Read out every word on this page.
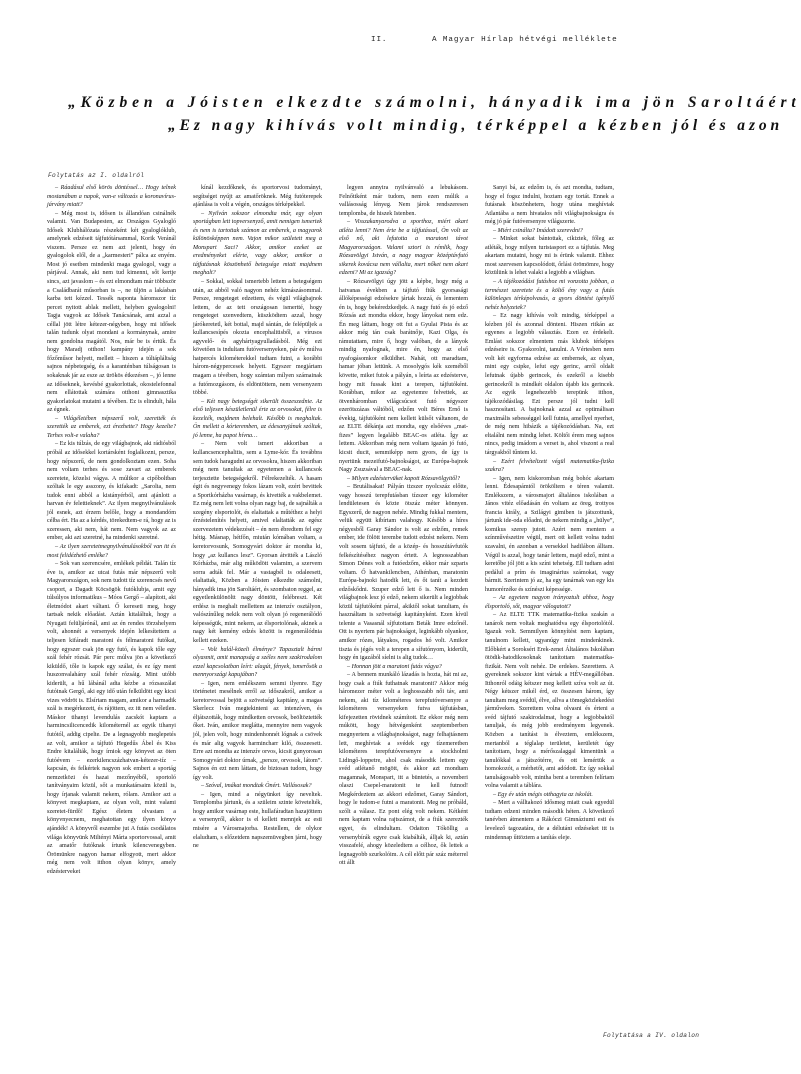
II.	A Magyar Hírlap hétvégi melléklete
„Közben a Jóisten elkezdte számolni, hányadik ima jön Saroltáért
„Ez nagy kihívás volt mindig, térképpel a kézben jól és azon
Folytatás az I. oldalról

– Ráadásul első körös döntéssel… Hogy telnek mostanában a napok, van-e változás a koronavírus-járvány miatt?

– Még most is, idősen is állandóan csinálnék valamit. Van Budapesten, az Országos Gyalogló Idősek Klubhálózata részeként két gyaloglóklub, amelynek edzéseit tájfutótársammal, Korik Veránál viszem. Persze ez nem azt jelenti, hogy én gyalogolok elől, de a „karmesteri” pálca az enyém. Most jó esetben mindenki maga gyalogol, vagy a párjával. Annak, aki nem tud kimenni, sőt kertje sincs, azt javaslom – és ezt elmondtam már többször a Családbarát műsorban is –, ne üljön a lakásban karba tett kézzel. Tessék naponta háromszor tíz percet nyitott ablak mellett, helyben gyalogolni! Tagja vagyok az Idősek Tanácsának, ami azzal a céllal jött létre kétezer-négyben, hogy mi idősek talán tudunk olyat mondani a kormánynak, amire nem gondolna magától. Nos, már be is értük. És hogy Maradj otthon! kampány idején a sok főzőműsor helyett, mellett – hiszen a túltápláltság sajnos népbetegség, és a karanténban túlságosan is sokaknak jár az esze az ürökös étkezésen –, jó lenne az időseknek, kevésbé gyakorlottak, okostelefonnal nem ellátottak számára otthoni gimnasztika gyakorlatokat mutatni a tévében. Ez is elindult, hála az égnek.

– Világéletében népszerű volt, szerették és szerették az emberek, ezt érezhette? Hogy kezelte? Terhes volt-e valaha?

– Ez kis túlzás, de egy világbajnok, aki rádiósból próbál az idősekkel kortársként foglalkozni, persze, hogy népszerű, de nem gondolkoztam ezen. Soha nem voltam terhes és sose zavart az emberek szeretete, közelsi vágya. A múltkor a cipőboltban szóltak le egy asszony, és kifakadt: „Sarolta, nem tudok enni abból a kistányérból, ami ajánlott a harvan év felettieknek”. Az ilyen megnyilvánulások jól esnek, azt érzem belőle, hogy a mondandóm célba ért. Ha az a kérdés, törekedtem-e rá, hogy az is szeressen, aki nem, hát nem. Nem vagyok az az ember, aki azt szeretné, ha mindenki szeretné.

– Az ilyen szeretetmegnyilvánulásokból van itt és most felidézhető emléke?

– Sok van szerencsére, emlékek példát. Talán tíz éve is, amikor az utcai futás már népszerű volt Magyarországon, sok nem tudott tíz szerencsés nevű csoport, a Dagadt Köcsögök futóklubja, amit egy túlsúlyos informatikus – Móos Gergő – alapított, aki életmódot akart váltani. Ő kereseti meg, hogy tartsak nekik előadást. Aztán kitaláltuk, hogy a Nyugati felüljárónál, ami az én rendes törzshelyem volt, ahonnét a versenyek idején lelkesítettem a teljesen kifáradt maratoni és félmaratoni futókat, hogy egyszer csak jön egy futó, és kapok tőle egy szál fehér rózsát. Pár perc múlva jön a következő kiküldő, tőle is kapok egy szálat, és ez így ment huszonvalahány szál fehér rózsáig. Mint utóbb kiderült, a hű lábánál adta kézbe a rózsaszálat futóinak Gergő, aki egy idő után felküldött egy kicsi vizes vödröt is. Elsírtam magam, amikor a harmadik szál is megérkezett, és rájöttem, ez itt nem véletlen. Máskor tihanyi levendulás zacskót kaptam a harmincsilicencedik kilométernél az egyik tihanyi futótól, addig cipelte. De a legnagyobb meglepetés az volt, amikor a tájfutó Hegedűs Ábel és Kiss Endre kitalálták, hogy írniok egy könyvet az öten futóévem – ezerkilencszázhatvan-kétezer-tíz – kapcsán, és felkértek nagyon sok embert a sportág nemzetközi és hazai mezőnyéből, sportoló tanítványaim közül, sőt a munkatársaim közül is, hogy írjanak valamit nekem, rólam. Amikor azt a könyvet megkaptam, az olyan volt, mint valami szeretet-fürdő! Egész életem olvastam a könyvnyecnem, meghatottan egy ilyen könyv ajándék! A könyvről eszembe jut A futás csodálatos világa könyvünk Miltényi Márta sportorvossal, amit az amatőr futóknak írtunk kilencvenegyben. Örömünkre nagyon hamar elfogyott, mert akkor még nem volt itthon olyan könyv, amely edzésterveket

kínál kezdőknek, és sportorvosi tudományt, segítséget nyújt az amatőröknek. Még futóterepek ajánlása is volt a végén, országos térképekkel.

– Nyilván sokszor elmondta már, egy olyan sportágban lett topversenyző, amit nemigen ismertek és nem is tartottak számon az emberek, a magyarok különösképpen nem. Vajon mikor született meg a Monspart Saci? Akkor, amikor ezeket az eredményeket elérte, vagy akkor, amikor a tájfutásnak köszönhető betegsége miatt majdnem meghalt?

– Sokkal, sokkal ismertebb lettem a betegségem után, az abból való nagyon nehéz kimászásommal. Persze, rengeteget edzettem, és végül világbajnok lettem, de az tett országosan ismertté, hogy rengeteget szenvedtem, küszködtem azzal, hogy járókeretetl, két bottal, majd sántán, de felépüljek a kullancsesípés okozta encephalitisből, a vírusos agyvelő- és agyhártyagyulladásból. Még ezt követően is indultam futóversenyeken, pár év múlva hatpercés kilométerekkel tudtam futni, a korábbi három-négypercesek helyett. Egyszer megjártam magam a tévében, hogy számtan mílyen számainak a futómozgásom, és eldöntöttem, nem versenyzem többé.

– Két nagy betegségét sikerült összeszednie. Az első teljesen készületlenül érte az orvosokat, félre is kezelték, majdnem belehalt. Később is meghaltak. Ön mellett a kórteremben, az édesanyjának szóltak, jó lenne, ha papot hívna…

– Nem volt ismert akkoriban a kullancsencephalitis, sem a Lyme-kór. És továbbra sem tudok haragudni az orvosokra, hiszen akkoriban még nem tanultak az egyetemen a kullancsok terjesztette betegségekről. Félrekezelték. A hasam égit és negyvenegy fokos lázam volt, ezért bevittek a Sportkórházba vasárnap, és kivették a vakbelemet. Ez még nem lett volna olyan nagy baj, de sajnálták a szegény elsportolót, és elaltattak a műtéthez a helyi érzéstelenítés helyett, amivel elaltatták az egész szervezetem védekezését – én nem ébredtem fel egy hétig. Másnap, hétfőn, miután kómában voltam, a keretorvosunk, Somogyvári doktor ár mondta ki, hogy „az kullancs lesz”. Gyorsan átvitték a László Kórházba, már alig működött valamim, a szervem sorra adták fel. Már a vastagbél is odaleesett, elaltattak, Közben a Jóisten elkezdte számolni, hányadik ima jön Saroltáért, és szombaton reggel, az egyetlenkülönöltt nagy döntött, felébreszt. Két erdész is meghalt mellettem az intenzív osztályon, valószínűleg nekik nem volt olyan jó regenerálódó képességük, mint nekem, az élsportolónak, akinek a nagy két kemény edzés között is regenerálódnia kellett ezeken.

– Volt halál-közeli élménye? Tapasztalt bármi olyasmit, amit manapság a széles nem szakirodalom ezzel kapcsolatban leírt: alagút, fények, ismerősök a mennyországi kapujában?

– Igen, nem emlékszem semmi ilyenre. Egy történetet mesélnek erről az időszakról, amikor a keretorvossal bejött a szövetségi kapitány, a magas Skerlecz Iván megtekinteni az intenzíven, és éljátszották, hogy mindketten orvosok, beöltöztették őket. Iván, amikor meglátta, mennyire nem vagyok jól, jelen volt, hogy mindenhonnét lógnak a csövek és már alig vagyok harmincharr kiló, összeesett. Erre azt mondta az intenzív orvos, kicsit gunyorosan Somogyvári doktor úrnak, „persze, orvosok, látom”. Sajnos én ezt nem láttam, de biztosan tudom, hogy így volt.

– Szóval, imákat mondtak Önért. Vallásosak?

– Igen, mind a négyünket így neveltek. Templomba jártunk, és a szüleim szinte követelték, hogy amikor vasárnap este, hullafáradtan hazajöttem a versenyről, akkor is el kellett mennjek az esti misére a Városmajorba. Restellem, de olykor elaludtam, s előzetdem napszemüvegben járni, hogy ne

legyen annyira nyilvánvaló a lebukásom. Felnőttként már tudom, nem ezen múlik a vallásosság lényeg. Nem járok rendszeresen templomba, de hiszek Istenben.

– Visszakanyarodva a sporthoz, miért akart atléta lenni? Nem érte be a tájfutással, Ön volt az első nő, aki lefutotta a maratoni távot Magyarországon. Valami sztori is rémlik, hogy Rózsavölgyi István, a nagy magyar középtávfutó sikerek kovácsa nem vállalta, mert nőket nem akart edzeni? Mi az igazság?

– Rózsavölgyi úgy jött a képbe, hogy még a hatvanas években a tájfutó fiúk gyorsasági állóképességi edzésekre jártak hozzá, és lementem én is, hogy bekéredzkedjek. A nagy futó és jó edző Rózsás azt mondta ekkor, hogy lányokat nem edz. Én meg láttam, hogy ott fut a Gyulai Pista és az akkor még tán csak barátnője, Kazi Olga, és rámutattam, mire ő, hogy valóban, de a lányok mindig nyafognak, mire én, hogy az első nyafogásomkor elküldhet. Nahát, ott maradtam, hamar jóban lettünk. A mosolygós kék szeméből követte, miket futok a pályán, s leírta az edzésterve, hogy mit fussak kint a terepen, tájfutóként. Korábban, mikor az egyetemre felvettek, az ötvenháromban világcsúcsot futó négyszer ezerötszázas váltóból, edzőm volt Béres Ernő is évekig, tájfutóként nem kellett külsőt váltanom, de az ELTE dékánja azt mondta, egy elsőéves „mat-fizes” legyen legalább BEAC-os atléta. Így az lettem. Akkoriban még nem voltam igazán jó futó, kicsit ducit, semmiképp nem gyors, de így is nyertünk mezeifutó-bajnokságot, az Európa-bajnok Nagy Zsuzsával a BEAC-nak.

– Milyen edzéstervüket kapott Rózsavölgyitől?

– Brutálisakat! Pályán tizszer nyolcszáz előtte, vagy hosszú terepfutásban tízszer egy kilométer lendületesen és közte ötszáz méter könnyen. Egyszerű, de nagyon nehéz. Mindig fukkal mentem, velük együtt kibírtam valahogy. Később a híres négyesből Garay Sándor is volt az edzőm, remek ember, ide fölött terembe tudott edzést nekem. Nem volt sosem tájfutó, de a közép- és hosszútávfutók felkészítéséhez nagyon értett. A legnosszabban Simon Dénes volt a futóedzőm, ekkor már szparis voltam. Ő hatvankilencben, Athénban, maratonin Európa-bajnoki hatodik lett, és őt tanít a kezdett edzőskődni. Szuper edző lett ő is. Nem minden világbajnok lesz jó edző, nekem sikerült a legjobbak közül tájfutóként párral, akiktől sokat tanultam, és használtam is szövetségi kapitányként. Ezen kívül telente a Vasasnál síjfutottam Beták Imre edzőnél. Ott is nyertem pár bajnokságot, leginkább olyankor, amikor rózes, látyakos, rogados hó volt. Amikor tiszta és jégés volt a terepen a sífutónyom, kiderült, hogy én igazából síelni is alig tudok…

– Honnan jött a maratoni futás vágya?

– A bennem munkáló lázadás is hozta, hát mi az, hogy csak a fiúk futhatnak maratonit? Akkor még háromezer méter volt a leghosszabb női táv, ami nekem, aki tíz kilométeres terepfutóversenyre a kilométeres versenyeken futva tájfutásban, kifejezetten rövidnek számított. Ez ekkor még nem múkött, hogy hétvégenként szeptemberben megnyertem a világbajnokságot, nagy felhajtásnem lett, meghívtak a svédek egy tízemeretben kilométeres terepfutóversenyre a stockholmi Lidingő-loppetre, ahol csak második lettem egy svéd atlétanő mögött, és akkor azt mondtam magamnak, Monspart, itt a büntetés, a novemberi olaszi Csepel-maratonit te kell futnod! Megkérdeztem az akkori edzőmet, Garay Sándort, hogy le tudom-e futni a maratonit. Meg ne próbáld, szólt a válasz. Ez pont elég volt nekem. Kétként nem kaptam volna rajtszámot, de a fiúk szerezték egyet, és elindultam. Odaiton Tóköllig a versenybírák egyre csak kiabálták, álljak ki, aztán visszafelé, ahogy közeledtem a célhoz, ők lettek a legnagyobb szurkolóim. A cél előtt pár száz méterrel ott állt

Sanyi bá, az edzőm is, és azt mondta, tudtam, hogy el fogsz indulni, hoztam egy tortát. Ennek a futásnak köszönhetem, hogy utána meghívtak Atlantába a nem hivatalos női világbajnokságra és még jó pár futóversenyre világszerte.

– Miért csinálta? Imádott szerevdni?

– Minket sokat bántottak, cikiztek, főleg az atléták, hogy milyen turistasport ez a tájfutás. Meg akartam mutatni, hogy mi is érünk valamit. Ehhez most szervesen kapcsolódott, őrlási örömömre, hogy közülünk is lehet valaki a legjobb a világban.

– A tájékozódási futáshoz mi vonzotta jobban, a természet szeretete és a költő ény vagy a futás különleges térképolvasás, a gyors döntést igénylő nehéz helyzetek?

– Ez nagy kihívás volt mindig, térképpel a kézben jól és azonnal dönteni. Hiszen ritkán az egyenes a legjobb választás. Ezen ez érdekelt. Emlást sokszor elmentem más klubok térképes edzéseire is. Gyakorolni, tanulni. A Vértesben nem volt két egyforma edzése az embernek, az olyan, mint egy csipke, lefut egy gerinc, arról oldalt lefutnak újabb gerincek, és ezekről a kisebb gerincekről is mindkét oldalon újabb kis gerincek. Az egyik legnehezebb terepünk itthon, tájékozódásilag. Ezt persze jól tudni kell hasznosítani. A bajnoknak azzal az optimálisan maximális sebességgel kell futnia, amellyel nyerhet, de még nem hibázik a tájékozódásban. Na, ezt eltalálni nem mindig lehet. Költői érem meg sajnos nincs, pedig imádom a verset is, ahol viszont a real tárgyakból tűntem ki.

– Ezért felvételizett végül matematika-fizika szakra?

– Igen, nem kiskoromban még bohóc akartam lenni. Édesapámtól örököltem e téren valamit. Emlékszem, a városmajori általános iskolában a János vitéz előadásán én voltam az öreg, trottyos francia király, a Szilágyi gimiben is játszottunk, jártunk ide-oda előadni, de nekem mindig a „hülye”, komikus szerep jutott. Azért nem mentem a színművészetire végül, mert ott kellett volna tudni szavalni, én azonban a versekkel hadilábon álltam. Végül is azzal, hogy tanár lettem, majd edző, mint a keretőbe jól jött a kis színi tehetség. Ell tudtam adni pedálul a prím és imaginárius számokat, vagy bármit. Szerintem jó az, ha egy tanárnak van egy kis humorérzéke és színészi képessége.

– Az egyetem nagyon irányoztult ahhoz, hogy élsportoló, sőt, magyar válogatott?

– Az ELTE TTK matematika-fizika szakán a tanárok nem voltak meghatódva egy élsportolótól. Igazuk volt. Semmilyen könnyítést nem kaptam, tanulnom kellett, ugyanúgy mint mindenkinek. Előbkért a Sorokséri Erek-zenei Általános Iskolában ötödik-hatodikosoknak tanítottam matematika-fizikát. Nem volt nehéz. De erdekes. Szerettem. A gyereknek sokszor kint vártak a HÉV-megállóban. Itthonról odáig kétszer meg kellett szíva volt az út. Négy kétszer mikél érd, ez összesen három, így tanultam meg svédül, élve, allva a tömegközlekedési járműveken. Szerettem volna olvasni és érteni a svéd tájfutó szakirodalmat, hogy a legjobbaktól tanuljak, és még jobb eredményem legyenek. Közben a tanítást is élveztem, emlékszem, mertanból a téglalap területet, kerületét úgy tanítottam, hogy a mérőszalaggal kimentünk a tanulókkal a játszótérre, és ott lemértük a homokozót, a mérhetőt, ami adódott. Ez így sokkal tanulságosabb volt, mintha bent a teremben felírtam volna valamit a táblára.

– Egy év után mégis otthagyta az iskolát.

– Mert a válltakozó idősmeg miatt csak egyedül tudtam edzeni minden második héten. A következő tanévben átmentem a Rákóczi Gimnáziumi esti és levelező tagozatára, de a délutáni edzéseket itt is mindennap űttöztem a tanítás eleje.

Folytatása a IV. oldalon
